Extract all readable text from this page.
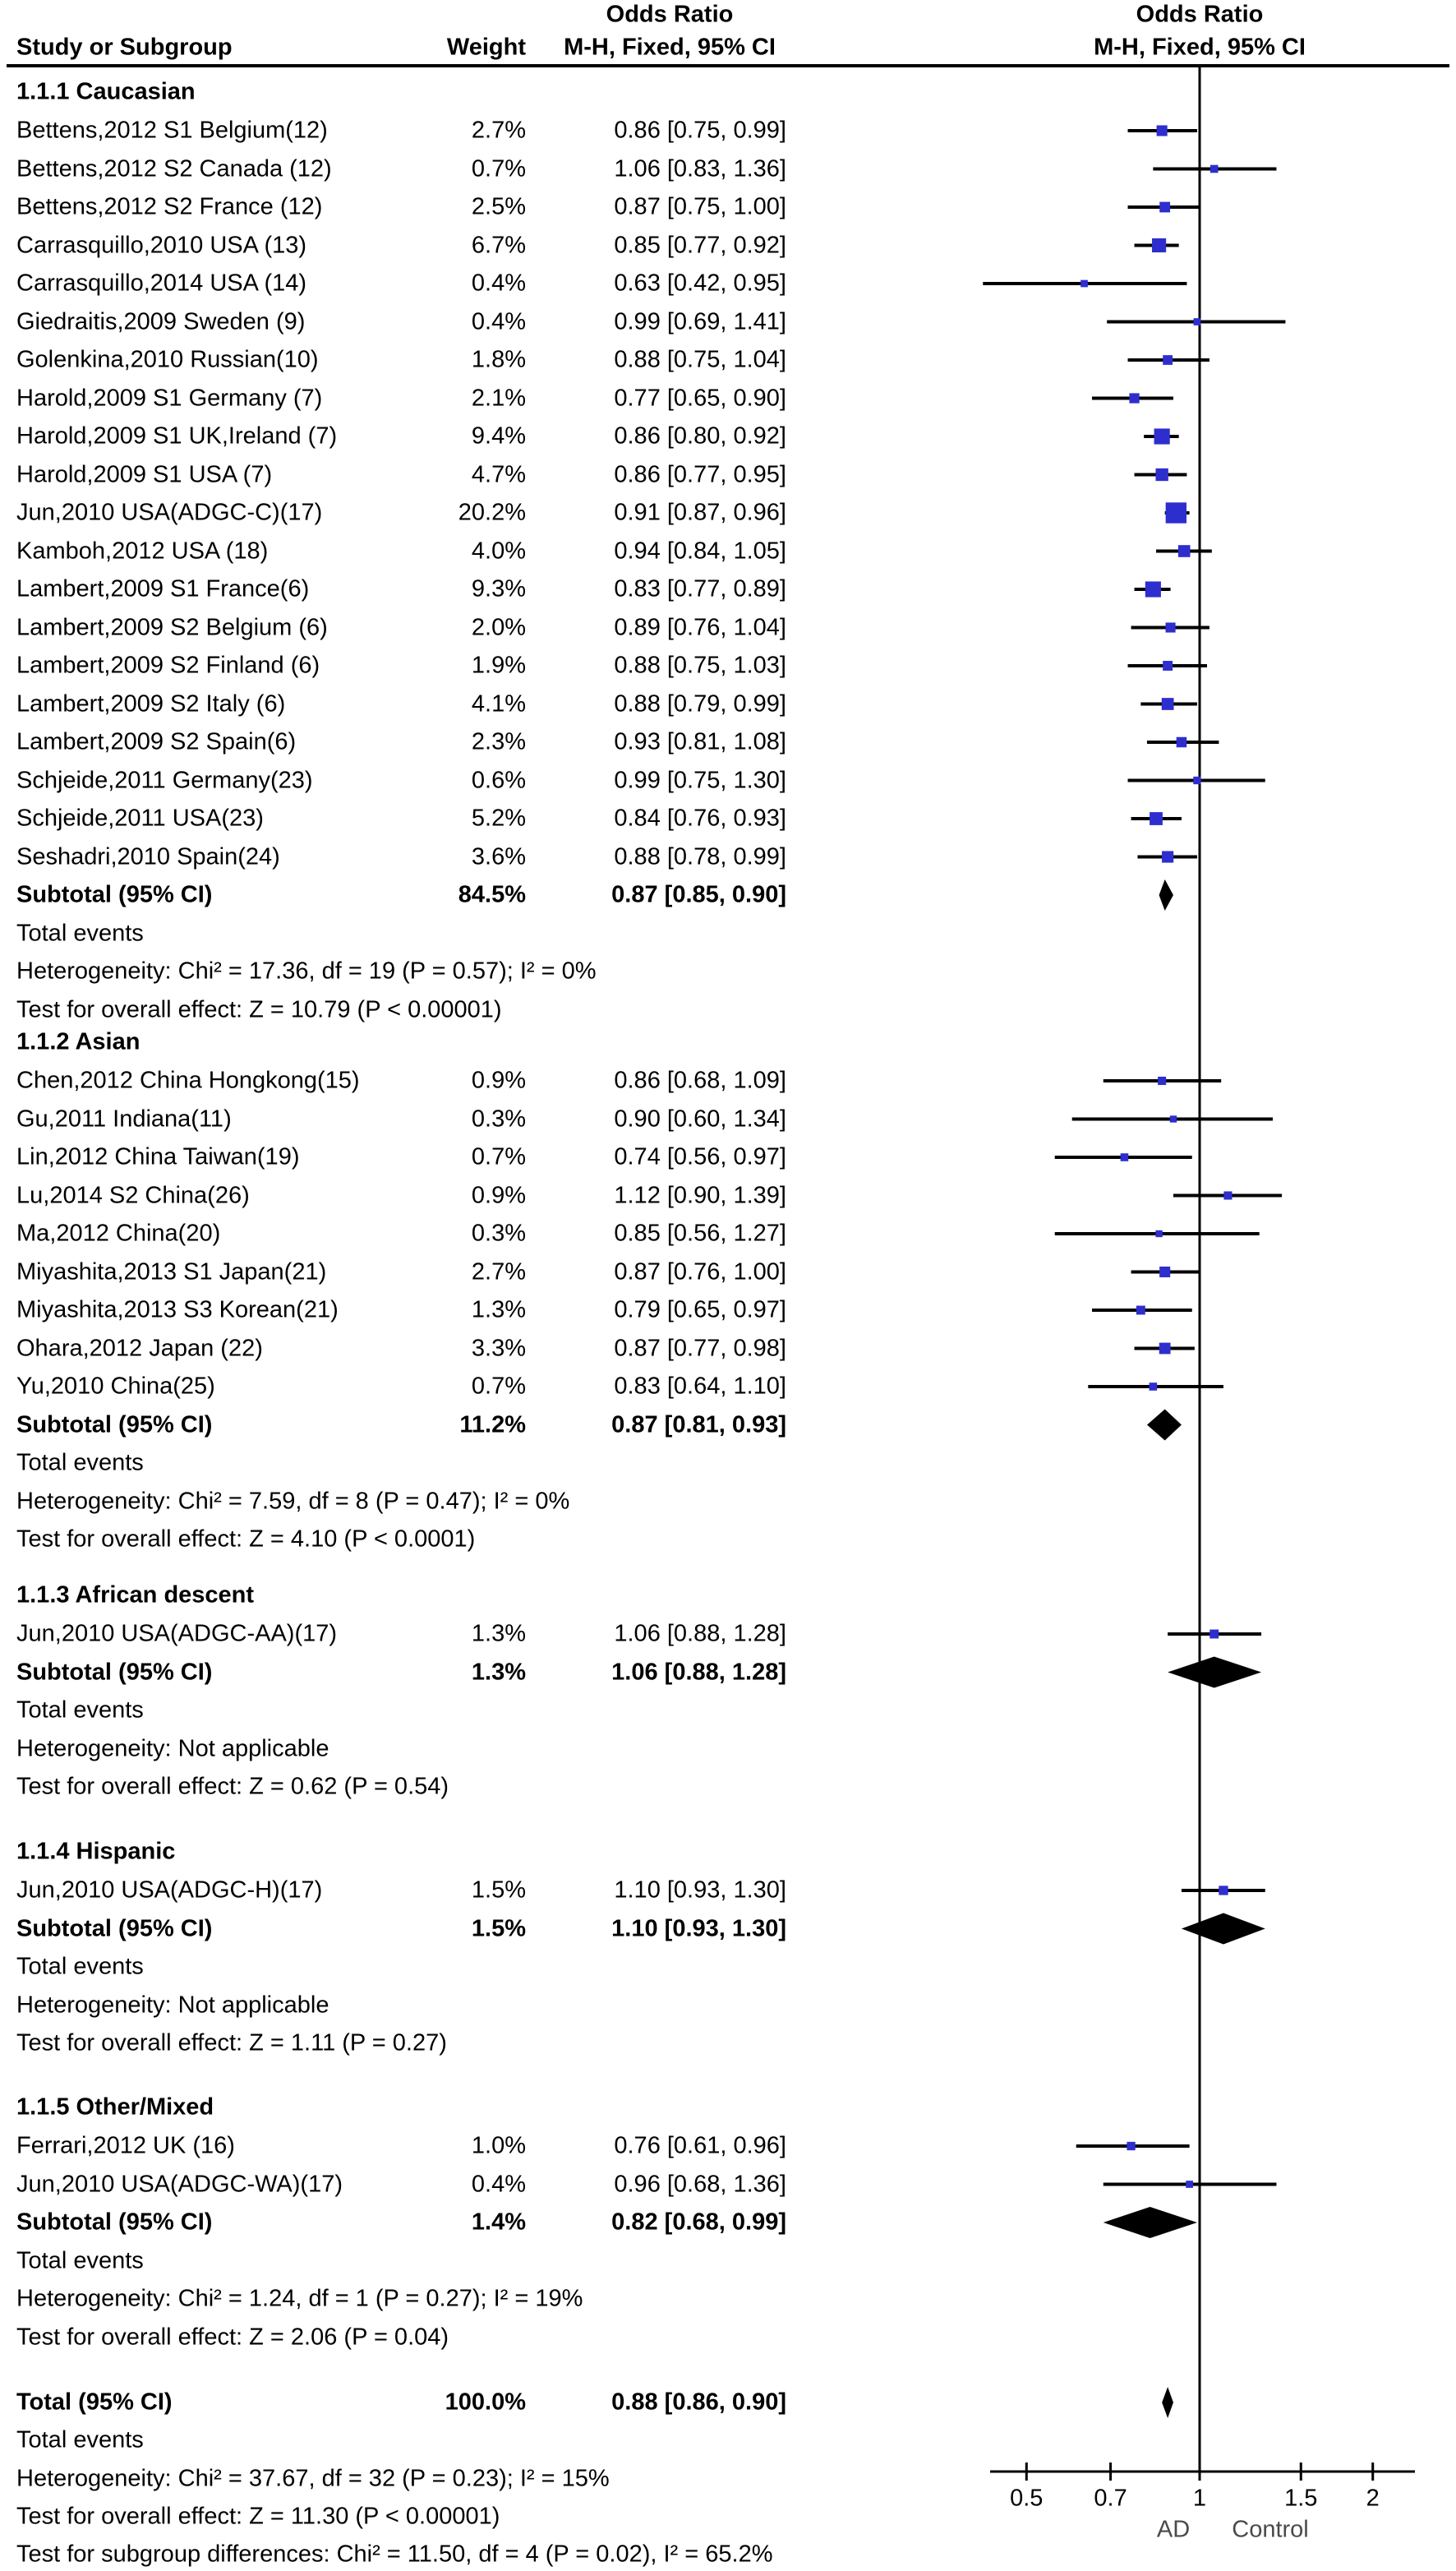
Odds Ratio	Odds Ratio
Study or Subgroup	Weight M-H, Fixed, 95% CI	M-H, Fixed, 95% CI
0.5 0.7	1	1.5 2
AD Control
1.1.1 Caucasian
Bettens,2012 S1 Belgium(12)	2.7%	0.86 [0.75, 0.99]
Bettens,2012 S2 Canada (12)	0.7%	1.06 [0.83, 1.36]
Bettens,2012 S2 France (12)	2.5%	0.87 [0.75, 1.00]
Carrasquillo,2010 USA (13)	6.7%	0.85 [0.77, 0.92]
Carrasquillo,2014 USA (14)	0.4%	0.63 [0.42, 0.95]
Giedraitis,2009 Sweden (9)	0.4%	0.99 [0.69, 1.41]
Golenkina,2010 Russian(10)	1.8%	0.88 [0.75, 1.04]
Harold,2009 S1 Germany (7)	2.1%	0.77 [0.65, 0.90]
Harold,2009 S1 UK,Ireland (7)	9.4%	0.86 [0.80, 0.92]
Harold,2009 S1 USA (7)	4.7%	0.86 [0.77, 0.95]
Jun,2010 USA(ADGC-C)(17)	20.2%	0.91 [0.87, 0.96]
Kamboh,2012 USA (18)	4.0%	0.94 [0.84, 1.05]
Lambert,2009 S1 France(6)	9.3%	0.83 [0.77, 0.89]
Lambert,2009 S2 Belgium (6)	2.0%	0.89 [0.76, 1.04]
Lambert,2009 S2 Finland (6)	1.9%	0.88 [0.75, 1.03]
Lambert,2009 S2 Italy (6)	4.1%	0.88 [0.79, 0.99]
Lambert,2009 S2 Spain(6)	2.3%	0.93 [0.81, 1.08]
Schjeide,2011 Germany(23)	0.6%	0.99 [0.75, 1.30]
Schjeide,2011 USA(23)	5.2%	0.84 [0.76, 0.93]
Seshadri,2010 Spain(24)	3.6%	0.88 [0.78, 0.99]
Subtotal (95% CI)	84.5%	0.87 [0.85, 0.90]
Total events
Heterogeneity: Chi² = 17.36, df = 19 (P = 0.57); I² = 0%
Test for overall effect: Z = 10.79 (P < 0.00001)
1.1.2 Asian
Chen,2012 China Hongkong(15)	0.9%	0.86 [0.68, 1.09]
Gu,2011 Indiana(11)	0.3%	0.90 [0.60, 1.34]
Lin,2012 China Taiwan(19)	0.7%	0.74 [0.56, 0.97]
Lu,2014 S2 China(26)	0.9%	1.12 [0.90, 1.39]
Ma,2012 China(20)	0.3%	0.85 [0.56, 1.27]
Miyashita,2013 S1 Japan(21)	2.7%	0.87 [0.76, 1.00]
Miyashita,2013 S3 Korean(21)	1.3%	0.79 [0.65, 0.97]
Ohara,2012 Japan (22)	3.3%	0.87 [0.77, 0.98]
Yu,2010 China(25)	0.7%	0.83 [0.64, 1.10]
Subtotal (95% CI)	11.2%	0.87 [0.81, 0.93]
Total events
Heterogeneity: Chi² = 7.59, df = 8 (P = 0.47); I² = 0%
Test for overall effect: Z = 4.10 (P < 0.0001)
1.1.3 African descent
Jun,2010 USA(ADGC-AA)(17)	1.3%	1.06 [0.88, 1.28]
Subtotal (95% CI)	1.3%	1.06 [0.88, 1.28]
Total events
Heterogeneity: Not applicable
Test for overall effect: Z = 0.62 (P = 0.54)
1.1.4 Hispanic
Jun,2010 USA(ADGC-H)(17)	1.5%	1.10 [0.93, 1.30]
Subtotal (95% CI)	1.5%	1.10 [0.93, 1.30]
Total events
Heterogeneity: Not applicable
Test for overall effect: Z = 1.11 (P = 0.27)
1.1.5 Other/Mixed
Ferrari,2012 UK (16)	1.0%	0.76 [0.61, 0.96]
Jun,2010 USA(ADGC-WA)(17)	0.4%	0.96 [0.68, 1.36]
Subtotal (95% CI)	1.4%	0.82 [0.68, 0.99]
Total events
Heterogeneity: Chi² = 1.24, df = 1 (P = 0.27); I² = 19%
Test for overall effect: Z = 2.06 (P = 0.04)
Total (95% CI)	100.0%	0.88 [0.86, 0.90]
Total events
Heterogeneity: Chi² = 37.67, df = 32 (P = 0.23); I² = 15%
Test for overall effect: Z = 11.30 (P < 0.00001)
Test for subgroup differences: Chi² = 11.50, df = 4 (P = 0.02), I² = 65.2%
